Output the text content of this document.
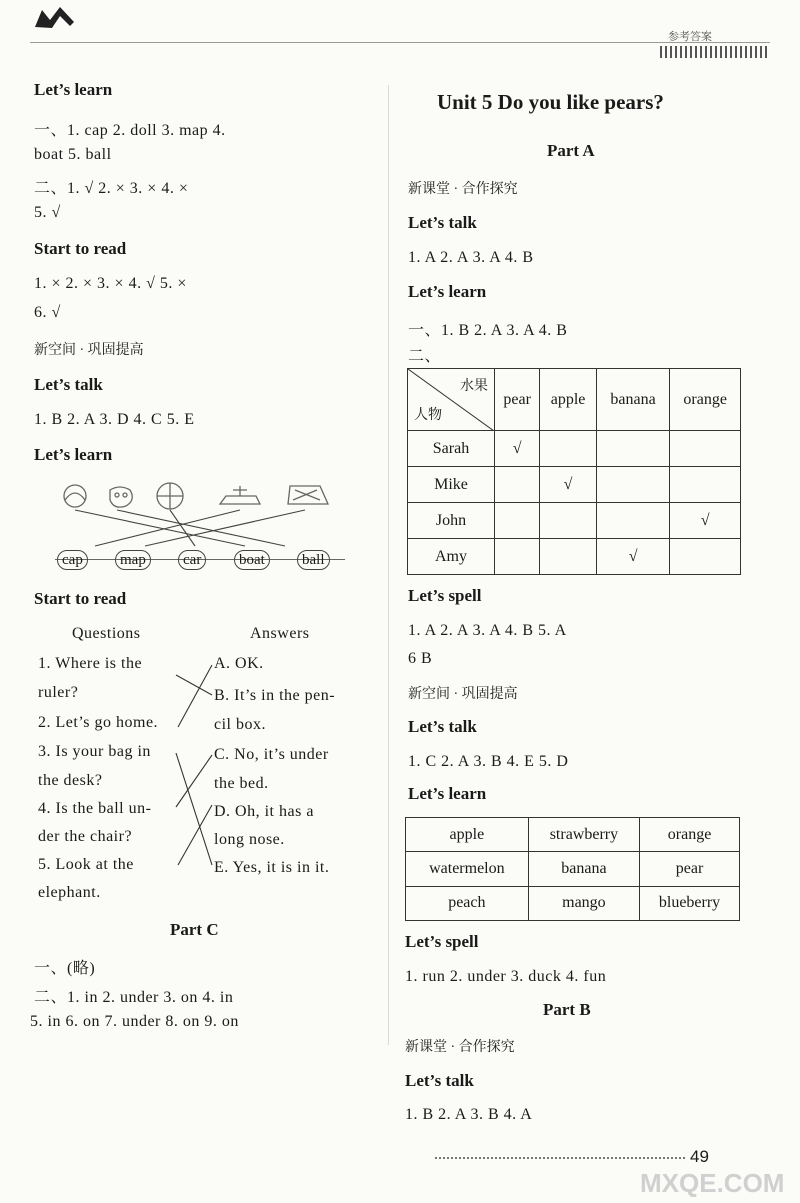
参考答案
Let’s learn
一、1. cap 2. doll 3. map 4.
boat 5. ball
二、1. √ 2. × 3. × 4. ×
5. √
Start to read
1. × 2. × 3. × 4. √ 5. ×
6. √
新空间 · 巩固提高
Let’s talk
1. B 2. A 3. D 4. C 5. E
Let’s learn
cap	map	car	boat	ball
Start to read
Questions	Answers
1. Where is the
ruler?
2. Let’s go home.
3. Is your bag in
the desk?
4. Is the ball un-
der the chair?
5. Look at the
elephant.
A. OK.
B. It’s in the pen-
cil box.
C. No, it’s under
the bed.
D. Oh, it has a
long nose.
E. Yes, it is in it.
Part C
一、(略)
二、1. in 2. under 3. on 4. in
5. in 6. on 7. under 8. on 9. on
Unit 5 Do you like pears?
Part A
新课堂 · 合作探究
Let’s talk
1. A 2. A 3. A 4. B
Let’s learn
一、1. B 2. A 3. A 4. B
二、
水果
人物	pear	apple	banana	orange
Sarah	√			
Mike		√		
John				√
Amy			√	
Let’s spell
1. A 2. A 3. A 4. B 5. A
6 B
新空间 · 巩固提高
Let’s talk
1. C 2. A 3. B 4. E 5. D
Let’s learn
apple	strawberry	orange
watermelon	banana	pear
peach	mango	blueberry
Let’s spell
1. run 2. under 3. duck 4. fun
Part B
新课堂 · 合作探究
Let’s talk
1. B 2. A 3. B 4. A
49
MXQE.COM
